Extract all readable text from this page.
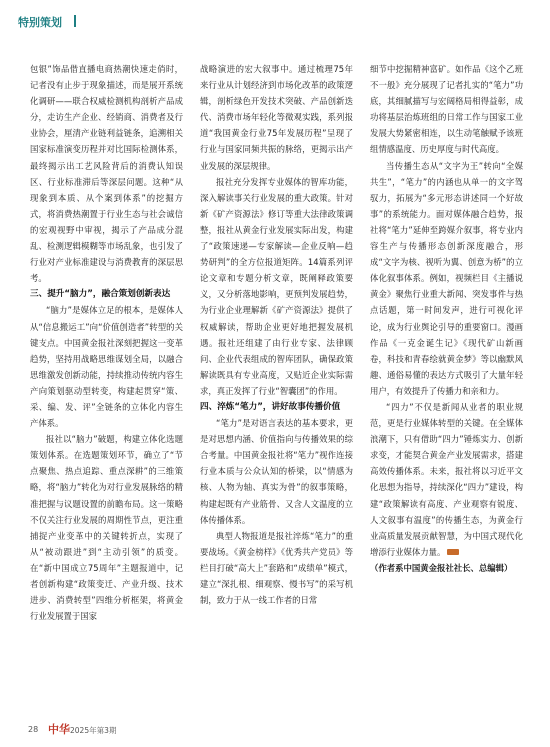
特别策划

包银”饰品借直播电商热潮快速走俏时，记者没有止步于现象描述，而是展开系统化调研——联合权威检测机构剖析产品成分，走访生产企业、经销商、消费者及行业协会，厘清产业链利益链条，追溯相关国家标准演变历程并对比国际检测体系，最终揭示出工艺风险背后的消费认知误区、行业标准滞后等深层问题。这种“从现象到本质、从个案到体系”的挖掘方式，将消费热潮置于行业生态与社会诚信的宏观视野中审视，揭示了产品成分混乱、检测逻辑模糊等市场乱象，也引发了行业对产业标准建设与消费教育的深层思考。

三、提升“脑力”，融合策划创新表达

“脑力”是媒体立足的根本，是媒体人从“信息搬运工”向“价值创造者”转型的关键支点。中国黄金报社深刻把握这一变革趋势，坚持用战略思维谋划全局，以融合思维激发创新动能，持续推动传统内容生产向策划驱动型转变，构建起贯穿“策、采、编、发、评”全链条的立体化内容生产体系。

报社以“脑力”破题，构建立体化选题策划体系。在选题策划环节，确立了“节点聚焦、热点追踪、重点深耕”的三维策略，将“脑力”转化为对行业发展脉络的精准把握与议题设置的前瞻布局。这一策略不仅关注行业发展的周期性节点，更注重捕捉产业变革中的关键转折点，实现了从“被动跟进”到“主动引领”的质变。在“新中国成立75周年”主题报道中，记者创新构建“政策变迁、产业升级、技术进步、消费转型”四维分析框架，将黄金行业发展置于国家

战略演进的宏大叙事中。通过梳理75年来行业从计划经济到市场化改革的政策逻辑，剖析绿色开发技术突破、产品创新迭代、消费市场年轻化等微观实践，系列报道“我国黄金行业75年发展历程”呈现了行业与国家同频共振的脉络，更揭示出产业发展的深层规律。

报社充分发挥专业媒体的智库功能，深入解读事关行业发展的重大政策。针对新《矿产资源法》修订等重大法律政策调整，报社从黄金行业发展实际出发，构建了“政策速递—专家解读—企业反响—趋势研判”的全方位报道矩阵。14篇系列评论文章和专题分析文章，既阐释政策要义，又分析落地影响，更预判发展趋势，为行业企业理解新《矿产资源法》提供了权威解读，帮助企业更好地把握发展机遇。报社还组建了由行业专家、法律顾问、企业代表组成的智库团队，确保政策解读既具有专业高度，又贴近企业实际需求，真正发挥了行业“智囊团”的作用。

四、淬炼“笔力”，讲好故事传播价值

“笔力”是对语言表达的基本要求，更是对思想内涵、价值指向与传播效果的综合考量。中国黄金报社将“笔力”视作连接行业本质与公众认知的桥梁，以“情感为核、人物为轴、真实为骨”的叙事策略，构建起既有产业筋骨、又含人文温度的立体传播体系。

典型人物报道是报社淬炼“笔力”的重要战场。《黄金榜样》《优秀共产党员》等栏目打破“高大上”套路和“成绩单”模式，建立“深扎根、细观察、慢书写”的采写机制，致力于从一线工作者的日常

细节中挖掘精神富矿。如作品《这个乙班不一般》充分展现了记者扎实的“笔力”功底，其细腻描写与宏阔格局相得益彰，成功将基层治炼班组的日常工作与国家工业发展大势紧密相连，以生动笔触赋予该班组情感温度、历史厚度与时代高度。

当传播生态从“文字为王”转向“全媒共生”，“笔力”的内涵也从单一的文字驾驭力，拓展为“多元形态讲述同一个好故事”的系统能力。面对媒体融合趋势，报社将“笔力”延伸至跨媒介叙事，将专业内容生产与传播形态创新深度融合，形成“文字为核、视听为翼、创意为桥”的立体化叙事体系。例如，视频栏目《主播说黄金》聚焦行业重大新闻、突发事件与热点话题，第一时间发声，进行可视化评论，成为行业舆论引导的重要窗口。漫画作品《一克金诞生记》《现代矿山新画卷，科技和青春绘就黄金梦》等以幽默风趣、通俗易懂的表达方式吸引了大量年轻用户，有效提升了传播力和亲和力。

“四力”不仅是新闻从业者的职业规范，更是行业媒体转型的关键。在全媒体浪潮下，只有借助“四力”锤炼实力、创新求变，才能契合黄金产业发展需求，搭建高效传播体系。未来，报社将以习近平文化思想为指导，持续深化“四力”建设，构建“政策解读有高度、产业观察有锐度、人文叙事有温度”的传播生态，为黄金行业高质量发展贡献智慧，为中国式现代化增添行业媒体力量。

（作者系中国黄金报社社长、总编辑）

28 中华 2025年第3期
